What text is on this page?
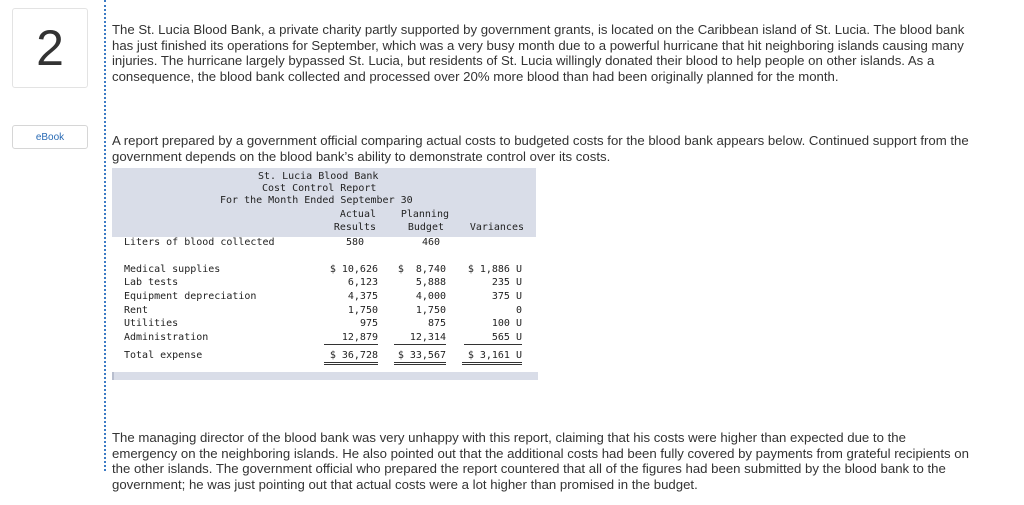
2
eBook

The St. Lucia Blood Bank, a private charity partly supported by government grants, is located on the Caribbean island of St. Lucia. The blood bank has just finished its operations for September, which was a very busy month due to a powerful hurricane that hit neighboring islands causing many injuries. The hurricane largely bypassed St. Lucia, but residents of St. Lucia willingly donated their blood to help people on other islands. As a consequence, the blood bank collected and processed over 20% more blood than had been originally planned for the month.

A report prepared by a government official comparing actual costs to budgeted costs for the blood bank appears below. Continued support from the government depends on the blood bank’s ability to demonstrate control over its costs.

St. Lucia Blood Bank
Cost Control Report
For the Month Ended September 30
Actual
Results
Planning
Budget	Variances
Liters of blood collected	580	460
Medical supplies	$ 10,626	$  8,740	$ 1,886 U
Lab tests	6,123	5,888	235 U
Equipment depreciation	4,375	4,000	375 U
Rent	1,750	1,750	0
Utilities	975	875	100 U
Administration	12,879	12,314	565 U
Total expense	$ 36,728	$ 33,567	$ 3,161 U

The managing director of the blood bank was very unhappy with this report, claiming that his costs were higher than expected due to the emergency on the neighboring islands. He also pointed out that the additional costs had been fully covered by payments from grateful recipients on the other islands. The government official who prepared the report countered that all of the figures had been submitted by the blood bank to the government; he was just pointing out that actual costs were a lot higher than promised in the budget.
